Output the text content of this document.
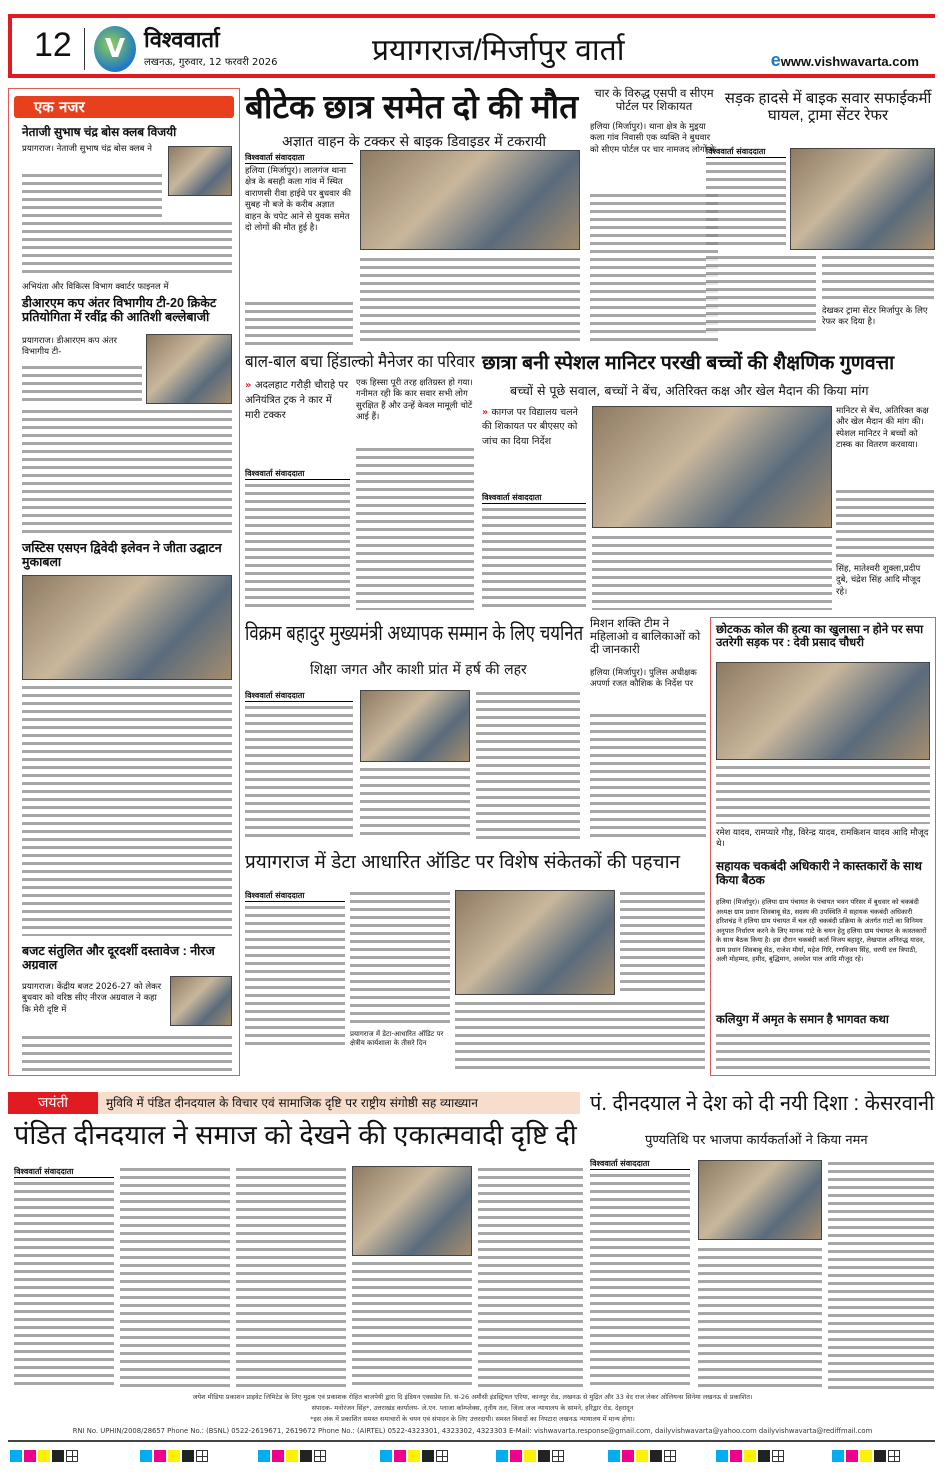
12	V विश्ववार्ता
लखनऊ, गुरुवार, 12 फरवरी 2026	प्रयागराज/मिर्जापुर वार्ता	ewww.vishwavarta.com
एक नजर
नेताजी सुभाष चंद्र बोस क्लब विजयी
प्रयागराज। नेताजी सुभाष चंद्र बोस क्लब ने
अभियंता और विकित्स विभाग क्वार्टर फाइनल में
डीआरएम कप अंतर विभागीय टी-20 क्रिकेट प्रतियोगिता में रवींद्र की आतिशी बल्लेबाजी
प्रयागराज। डीआरएम कप अंतर विभागीय टी-
जस्टिस एसएन द्विवेदी इलेवन ने जीता उद्घाटन मुकाबला
बजट संतुलित और दूरदर्शी दस्तावेज : नीरज अग्रवाल
प्रयागराज। केंद्रीय बजट 2026-27 को लेकर बुधवार को वरिष्ठ सीए नीरज अग्रवाल ने कहा कि मेरी दृष्टि में
बीटेक छात्र समेत दो की मौत
अज्ञात वाहन के टक्कर से बाइक डिवाइडर में टकरायी
विश्ववार्ता संवाददाता
हलिया (मिर्जापुर)। लालगंज थाना क्षेत्र के बसही कला गांव में स्थित वाराणसी रीवा हाईवे पर बुधवार की सुबह नौ बजे के करीब अज्ञात वाहन के चपेट आने से युवक समेत दो लोगों की मौत हुई है।
चार के विरुद्ध एसपी व सीएम पोर्टल पर शिकायत
हलिया (मिर्जापुर)। थाना क्षेत्र के मुड़्या कला गांव निवासी एक व्यक्ति ने बुधवार को सीएम पोर्टल पर चार नामजद लोगों के
सड़क हादसे में बाइक सवार सफाईकर्मी घायल, ट्रामा सेंटर रेफर
विश्ववार्ता संवाददाता
देखकर ट्रामा सेंटर मिर्जापुर के लिए रेफर कर दिया है।
बाल-बाल बचा हिंडाल्को मैनेजर का परिवार
» अदलहाट गरौड़ी चौराहे पर अनियंत्रित ट्रक ने कार में मारी टक्कर
विश्ववार्ता संवाददाता
एक हिस्सा पूरी तरह क्षतिग्रस्त हो गया। गनीमत रही कि कार सवार सभी लोग सुरक्षित हैं और उन्हें केवल मामूली चोटें आई हैं।
छात्रा बनी स्पेशल मानिटर परखी बच्चों की शैक्षणिक गुणवत्ता
बच्चों से पूछे सवाल, बच्चों ने बेंच, अतिरिक्त कक्ष और खेल मैदान की किया मांग
» कागज पर विद्यालय चलने की शिकायत पर बीएसए को जांच का दिया निर्देश
विश्ववार्ता संवाददाता
मानिटर से बेंच, अतिरिक्त कक्ष और खेल मैदान की मांग की। स्पेशल मानिटर ने बच्चों को टास्क का वितरण करवाया।
सिंह, मातेश्वरी शुक्ला,प्रदीप दुबे, चंद्रेश सिंह आदि मौजूद रहे।
विक्रम बहादुर मुख्यमंत्री अध्यापक सम्मान के लिए चयनित
शिक्षा जगत और काशी प्रांत में हर्ष की लहर
विश्ववार्ता संवाददाता
मिशन शक्ति टीम ने महिलाओ व बालिकाओं को दी जानकारी
हलिया (मिर्जापुर)। पुलिस अधीक्षक अपर्णा रजत कौशिक के निर्देश पर
छोटकऊ कोल की हत्या का खुलासा न होने पर सपा उतरेगी सड़क पर : देवी प्रसाद चौधरी
रमेश यादव, रामप्यारे गौड़, विरेन्द्र यादव, रामकिशन यादव आदि मौजूद थे।
सहायक चकबंदी अधिकारी ने कास्तकारों के साथ किया बैठक
हलिया (मिर्जापुर)। हलिया ग्राम पंचायत के पंचायत भवन परिसर में बुधवार को चकबंदी अध्यक्ष ग्राम प्रधान शिवबाबू सेठ, सदस्य की उपस्थिति में सहायक चकबंदी अधिकारी हरिशचंद्र ने हलिया ग्राम पंचायत में चल रही चकबंदी प्रक्रिया के अंतर्गत गाटों का विनिमय अनुपात निर्धारण करने के लिए मानक गाटे के चयन हेतु हलिया ग्राम पंचायत के कास्तकारों के साथ बैठक किया है। इस दौरान चकबंदी कर्ता विजय बहादुर, लेखपाल अनिरुद्ध यादव, ग्राम प्रधान शिवबाबू सेठ, राजेश मौर्या, महेश गिरि, रणविजय सिंह, धरणी दत्त त्रिपाठी, अली मोहम्मद, हमीद, बुद्धिमान, अवधेश पाल आदि मौजूद रहे।
कलियुग में अमृत के समान है भागवत कथा
प्रयागराज में डेटा आधारित ऑडिट पर विशेष संकेतकों की पहचान
विश्ववार्ता संवाददाता
प्रयागराज में डेटा-आधारित ऑडिट पर क्षेत्रीय कार्यशाला के तीसरे दिन
जयंती	मुविवि में पंडित दीनदयाल के विचार एवं सामाजिक दृष्टि पर राष्ट्रीय संगोष्ठी सह व्याख्यान
पंडित दीनदयाल ने समाज को देखने की एकात्मवादी दृष्टि दी
विश्ववार्ता संवाददाता
पं. दीनदयाल ने देश को दी नयी दिशा : केसरवानी
पुण्यतिथि पर भाजपा कार्यकर्ताओं ने किया नमन
विश्ववार्ता संवाददाता
जयेश मीडिया प्रकाशन प्राइवेट लिमिटेड के लिए मुद्रक एवं प्रकाशक रोहित बाजपेयी द्वारा दि इंडियन एक्सप्रेस लि. सं-26 अमौसी इंडस्ट्रियल एरिया, कानपुर रोड, लखनऊ से मुद्रित और 33 वेद राज लेकर ओलियन्स सिनेमा लखनऊ से प्रकाशित।
संपादक- मनोरंजन सिंह*, उत्तराखंड कार्यालय- जे.एन. प्लाजा कॉम्प्लेक्स, तृतीय तल, जिला जज न्यायालय के सामने, हरिद्वार रोड, देहरादून
*इस अंक में प्रकाशित समस्त समाचारों के चयन एवं संपादन के लिए उत्तरदायी। समस्त विवादों का निपटारा लखनऊ न्यायालय में मान्य होगा।
RNI No. UPHIN/2008/28657 Phone No.: (BSNL) 0522-2619671, 2619672 Phone No.: (AIRTEL) 0522-4323301, 4323302, 4323303 E-Mail: vishwavarta.response@gmail.com, dailyvishwavarta@yahoo.com dailyvishwavarta@rediffmail.com
